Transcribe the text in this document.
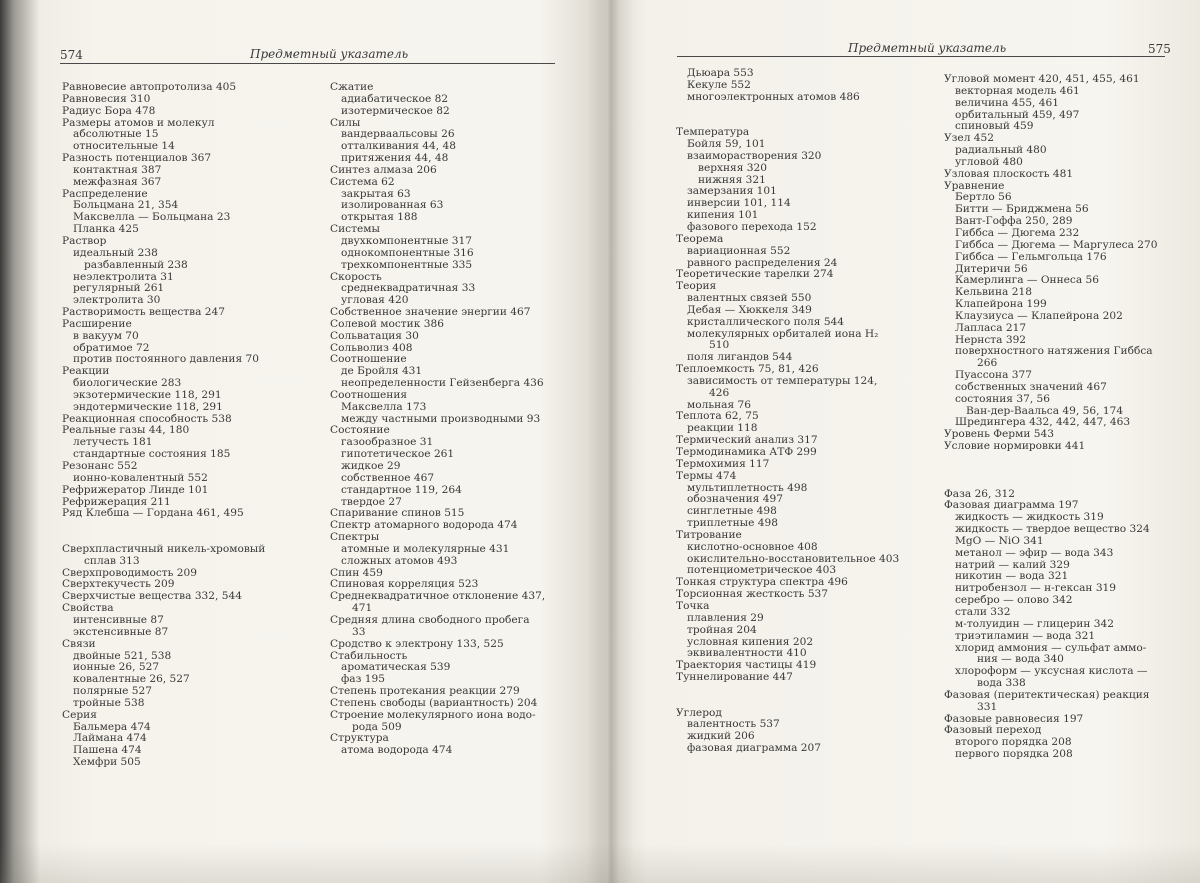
574	Предметный указатель	Предметный указатель	575
Равновесие автопротолиза 405
Равновесия 310
Радиус Бора 478
Размеры атомов и молекул
абсолютные 15
относительные 14
Разность потенциалов 367
контактная 387
межфазная 367
Распределение
Больцмана 21, 354
Максвелла — Больцмана 23
Планка 425
Раствор
идеальный 238
разбавленный 238
неэлектролита 31
регулярный 261
электролита 30
Растворимость вещества 247
Расширение
в вакуум 70
обратимое 72
против постоянного давления 70
Реакции
биологические 283
экзотермические 118, 291
эндотермические 118, 291
Реакционная способность 538
Реальные газы 44, 180
летучесть 181
стандартные состояния 185
Резонанс 552
ионно-ковалентный 552
Рефрижератор Линде 101
Рефрижерация 211
Ряд Клебша — Гордана 461, 495
Сверхпластичный никель-хромовый
сплав 313
Сверхпроводимость 209
Сверхтекучесть 209
Сверхчистые вещества 332, 544
Свойства
интенсивные 87
экстенсивные 87
Связи
двойные 521, 538
ионные 26, 527
ковалентные 26, 527
полярные 527
тройные 538
Серия
Бальмера 474
Лаймана 474
Пашена 474
Хемфри 505
Сжатие
адиабатическое 82
изотермическое 82
Силы
вандерваальсовы 26
отталкивания 44, 48
притяжения 44, 48
Синтез алмаза 206
Система 62
закрытая 63
изолированная 63
открытая 188
Системы
двухкомпонентные 317
однокомпонентные 316
трехкомпонентные 335
Скорость
среднеквадратичная 33
угловая 420
Собственное значение энергии 467
Солевой мостик 386
Сольватация 30
Сольволиз 408
Соотношение
де Бройля 431
неопределенности Гейзенберга 436
Соотношения
Максвелла 173
между частными производными 93
Состояние
газообразное 31
гипотетическое 261
жидкое 29
собственное 467
стандартное 119, 264
твердое 27
Спаривание спинов 515
Спектр атомарного водорода 474
Спектры
атомные и молекулярные 431
сложных атомов 493
Спин 459
Спиновая корреляция 523
Среднеквадратичное отклонение 437,
471
Средняя длина свободного пробега
33
Сродство к электрону 133, 525
Стабильность
ароматическая 539
фаз 195
Степень протекания реакции 279
Степень свободы (вариантность) 204
Строение молекулярного иона водо-
рода 509
Структура
атома водорода 474
Дьюара 553
Кекуле 552
многоэлектронных атомов 486
Температура
Бойля 59, 101
взаиморастворения 320
верхняя 320
нижняя 321
замерзания 101
инверсии 101, 114
кипения 101
фазового перехода 152
Теорема
вариационная 552
равного распределения 24
Теоретические тарелки 274
Теория
валентных связей 550
Дебая — Хюккеля 349
кристаллического поля 544
молекулярных орбиталей иона H₂
510
поля лигандов 544
Теплоемкость 75, 81, 426
зависимость от температуры 124,
426
мольная 76
Теплота 62, 75
реакции 118
Термический анализ 317
Термодинамика АТФ 299
Термохимия 117
Термы 474
мультиплетность 498
обозначения 497
синглетные 498
триплетные 498
Титрование
кислотно-основное 408
окислительно-восстановительное 403
потенциометрическое 403
Тонкая структура спектра 496
Торсионная жесткость 537
Точка
плавления 29
тройная 204
условная кипения 202
эквивалентности 410
Траектория частицы 419
Туннелирование 447
Углерод
валентность 537
жидкий 206
фазовая диаграмма 207
Угловой момент 420, 451, 455, 461
векторная модель 461
величина 455, 461
орбитальный 459, 497
спиновый 459
Узел 452
радиальный 480
угловой 480
Узловая плоскость 481
Уравнение
Бертло 56
Битти — Бриджмена 56
Вант-Гоффа 250, 289
Гиббса — Дюгема 232
Гиббса — Дюгема — Маргулеса 270
Гиббса — Гельмгольца 176
Дитеричи 56
Камерлинга — Оннеса 56
Кельвина 218
Клапейрона 199
Клаузиуса — Клапейрона 202
Лапласа 217
Нернста 392
поверхностного натяжения Гиббса
266
Пуассона 377
собственных значений 467
состояния 37, 56
Ван-дер-Ваальса 49, 56, 174
Шредингера 432, 442, 447, 463
Уровень Ферми 543
Условие нормировки 441
Фаза 26, 312
Фазовая диаграмма 197
жидкость — жидкость 319
жидкость — твердое вещество 324
MgO — NiO 341
метанол — эфир — вода 343
натрий — калий 329
никотин — вода 321
нитробензол — н-гексан 319
серебро — олово 342
стали 332
м-толуидин — глицерин 342
триэтиламин — вода 321
хлорид аммония — сульфат аммо-
ния — вода 340
хлороформ — уксусная кислота —
вода 338
Фазовая (перитектическая) реакция
331
Фазовые равновесия 197
Фазовый переход
второго порядка 208
первого порядка 208
